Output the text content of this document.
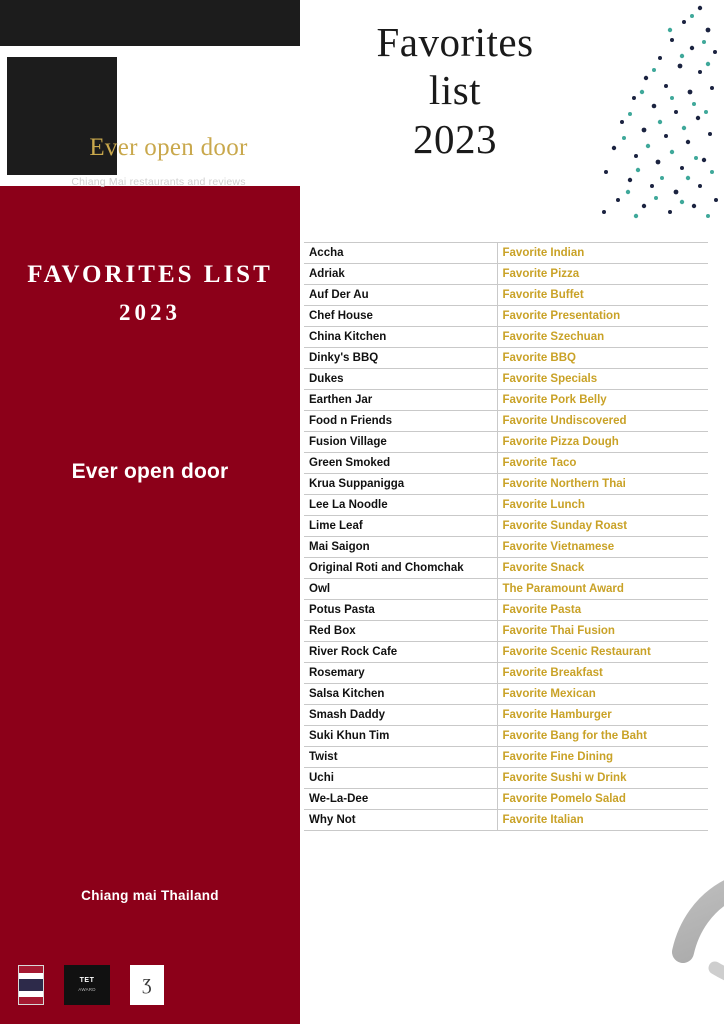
Ever open door
Chiang Mai restaurants and reviews
FAVORITES LIST
2023
Ever open door
Chiang mai Thailand
TET
AWARD	Ʒ
Favorites
list
2023
Accha	Favorite Indian
Adriak	Favorite Pizza
Auf Der Au	Favorite Buffet
Chef House	Favorite Presentation
China Kitchen	Favorite Szechuan
Dinky's BBQ	Favorite BBQ
Dukes	Favorite Specials
Earthen Jar	Favorite Pork Belly
Food n Friends	Favorite Undiscovered
Fusion Village	Favorite Pizza Dough
Green Smoked	Favorite Taco
Krua Suppanigga	Favorite Northern Thai
Lee La Noodle	Favorite Lunch
Lime Leaf	Favorite Sunday Roast
Mai Saigon	Favorite Vietnamese
Original Roti and Chomchak	Favorite Snack
Owl	The Paramount Award
Potus Pasta	Favorite Pasta
Red Box	Favorite Thai Fusion
River Rock Cafe	Favorite Scenic Restaurant
Rosemary	Favorite Breakfast
Salsa Kitchen	Favorite Mexican
Smash Daddy	Favorite Hamburger
Suki Khun Tim	Favorite Bang for the Baht
Twist	Favorite Fine Dining
Uchi	Favorite Sushi w Drink
We-La-Dee	Favorite Pomelo Salad
Why Not	Favorite Italian
